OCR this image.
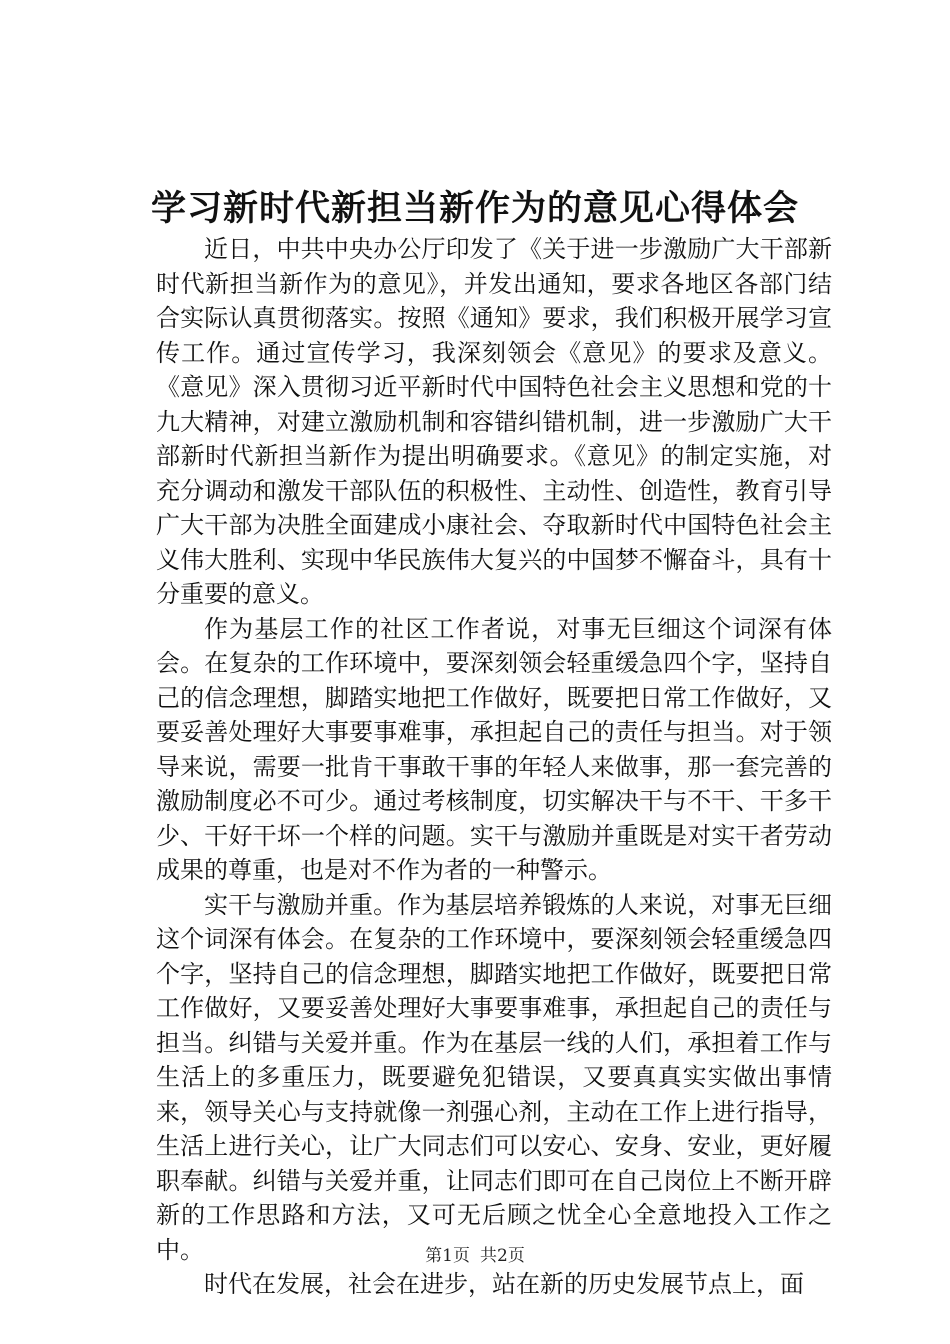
学习新时代新担当新作为的意见心得体会

近日，中共中央办公厅印发了《关于进一步激励广大干部新时代新担当新作为的意见》，并发出通知，要求各地区各部门结合实际认真贯彻落实。按照《通知》要求，我们积极开展学习宣传工作。通过宣传学习，我深刻领会《意见》的要求及意义。《意见》深入贯彻习近平新时代中国特色社会主义思想和党的十九大精神，对建立激励机制和容错纠错机制，进一步激励广大干部新时代新担当新作为提出明确要求。《意见》的制定实施，对充分调动和激发干部队伍的积极性、主动性、创造性，教育引导广大干部为决胜全面建成小康社会、夺取新时代中国特色社会主义伟大胜利、实现中华民族伟大复兴的中国梦不懈奋斗，具有十分重要的意义。

作为基层工作的社区工作者说，对事无巨细这个词深有体会。在复杂的工作环境中，要深刻领会轻重缓急四个字，坚持自己的信念理想，脚踏实地把工作做好，既要把日常工作做好，又要妥善处理好大事要事难事，承担起自己的责任与担当。对于领导来说，需要一批肯干事敢干事的年轻人来做事，那一套完善的激励制度必不可少。通过考核制度，切实解决干与不干、干多干少、干好干坏一个样的问题。实干与激励并重既是对实干者劳动成果的尊重，也是对不作为者的一种警示。

实干与激励并重。作为基层培养锻炼的人来说，对事无巨细这个词深有体会。在复杂的工作环境中，要深刻领会轻重缓急四个字，坚持自己的信念理想，脚踏实地把工作做好，既要把日常工作做好，又要妥善处理好大事要事难事，承担起自己的责任与担当。纠错与关爱并重。作为在基层一线的人们，承担着工作与生活上的多重压力，既要避免犯错误，又要真真实实做出事情来，领导关心与支持就像一剂强心剂，主动在工作上进行指导，生活上进行关心，让广大同志们可以安心、安身、安业，更好履职奉献。纠错与关爱并重，让同志们即可在自己岗位上不断开辟新的工作思路和方法，又可无后顾之忧全心全意地投入工作之中。

时代在发展，社会在进步，站在新的历史发展节点上，面

第1页 共2页
